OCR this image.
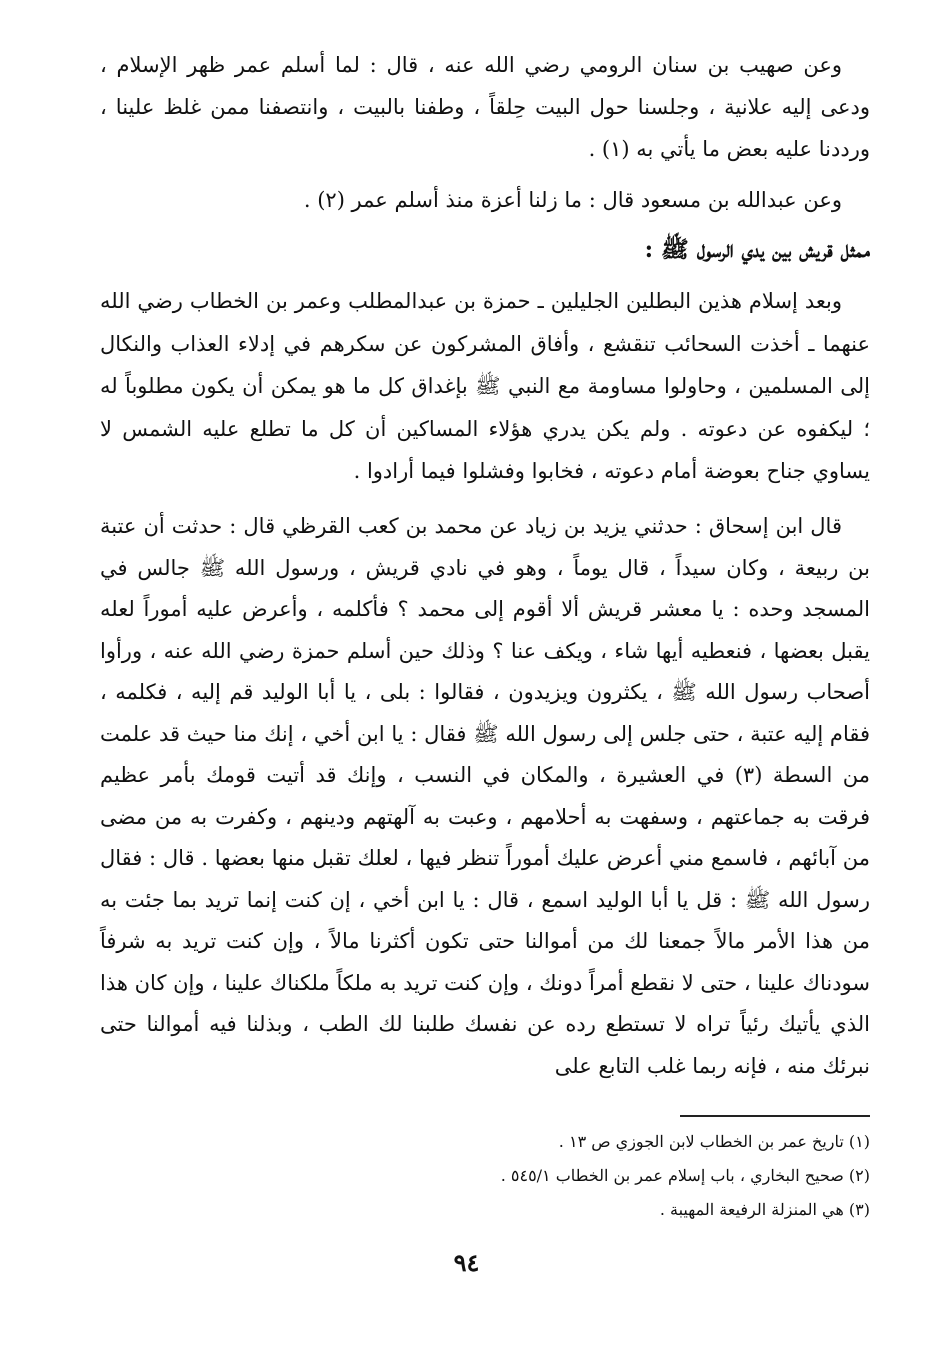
وعن صهيب بن سنان الرومي رضي الله عنه ، قال : لما أسلم عمر ظهر الإسلام ، ودعى إليه علانية ، وجلسنا حول البيت حِلقاً ، وطفنا بالبيت ، وانتصفنا ممن غلظ علينا ، ورددنا عليه بعض ما يأتي به (١) .

وعن عبدالله بن مسعود قال : ما زلنا أعزة منذ أسلم عمر (٢) .

ممثل قريش بين يدي الرسول ﷺ :

وبعد إسلام هذين البطلين الجليلين ـ حمزة بن عبدالمطلب وعمر بن الخطاب رضي الله عنهما ـ أخذت السحائب تنقشع ، وأفاق المشركون عن سكرهم في إدلاء العذاب والنكال إلى المسلمين ، وحاولوا مساومة مع النبي ﷺ بإغداق كل ما هو يمكن أن يكون مطلوباً له ؛ ليكفوه عن دعوته . ولم يكن يدري هؤلاء المساكين أن كل ما تطلع عليه الشمس لا يساوي جناح بعوضة أمام دعوته ، فخابوا وفشلوا فيما أرادوا .

قال ابن إسحاق : حدثني يزيد بن زياد عن محمد بن كعب القرظي قال : حدثت أن عتبة بن ربيعة ، وكان سيداً ، قال يوماً ، وهو في نادي قريش ، ورسول الله ﷺ جالس في المسجد وحده : يا معشر قريش ألا أقوم إلى محمد ؟ فأكلمه ، وأعرض عليه أموراً لعله يقبل بعضها ، فنعطيه أيها شاء ، ويكف عنا ؟ وذلك حين أسلم حمزة رضي الله عنه ، ورأوا أصحاب رسول الله ﷺ ، يكثرون ويزيدون ، فقالوا : بلى ، يا أبا الوليد قم إليه ، فكلمه ، فقام إليه عتبة ، حتى جلس إلى رسول الله ﷺ فقال : يا ابن أخي ، إنك منا حيث قد علمت من السطة (٣) في العشيرة ، والمكان في النسب ، وإنك قد أتيت قومك بأمر عظيم فرقت به جماعتهم ، وسفهت به أحلامهم ، وعبت به آلهتهم ودينهم ، وكفرت به من مضى من آبائهم ، فاسمع مني أعرض عليك أموراً تنظر فيها ، لعلك تقبل منها بعضها . قال : فقال رسول الله ﷺ : قل يا أبا الوليد اسمع ، قال : يا ابن أخي ، إن كنت إنما تريد بما جئت به من هذا الأمر مالاً جمعنا لك من أموالنا حتى تكون أكثرنا مالاً ، وإن كنت تريد به شرفاً سودناك علينا ، حتى لا نقطع أمراً دونك ، وإن كنت تريد به ملكاً ملكناك علينا ، وإن كان هذا الذي يأتيك رئياً تراه لا تستطع رده عن نفسك طلبنا لك الطب ، وبذلنا فيه أموالنا حتى نبرئك منه ، فإنه ربما غلب التابع على

(١) تاريخ عمر بن الخطاب لابن الجوزي ص ١٣ .
(٢) صحيح البخاري ، باب إسلام عمر بن الخطاب ٥٤٥/١ .
(٣) هي المنزلة الرفيعة المهيبة .
٩٤
